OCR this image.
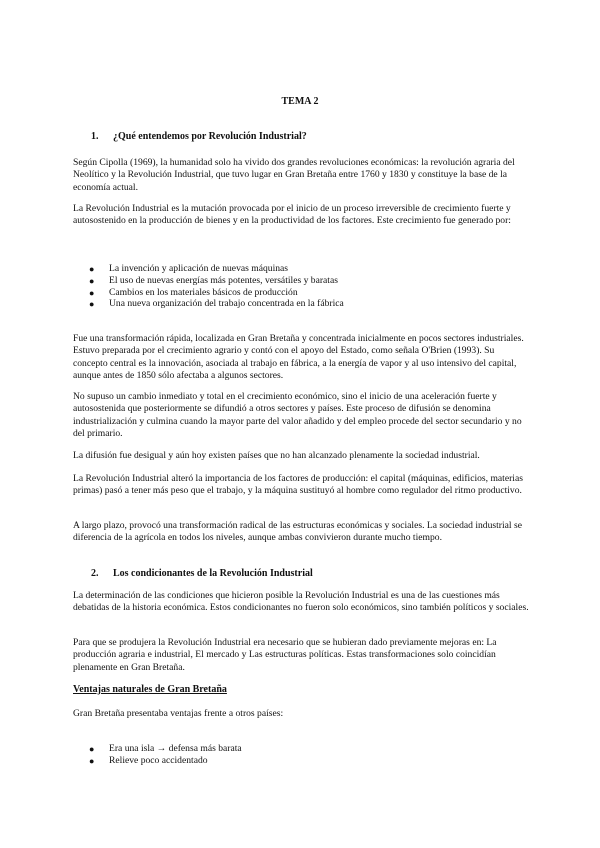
TEMA 2
1. ¿Qué entendemos por Revolución Industrial?

Según Cipolla (1969), la humanidad solo ha vivido dos grandes revoluciones económicas: la revolución agraria del Neolítico y la Revolución Industrial, que tuvo lugar en Gran Bretaña entre 1760 y 1830 y constituye la base de la economía actual.

La Revolución Industrial es la mutación provocada por el inicio de un proceso irreversible de crecimiento fuerte y autosostenido en la producción de bienes y en la productividad de los factores. Este crecimiento fue generado por:

● La invención y aplicación de nuevas máquinas
● El uso de nuevas energías más potentes, versátiles y baratas
● Cambios en los materiales básicos de producción
● Una nueva organización del trabajo concentrada en la fábrica

Fue una transformación rápida, localizada en Gran Bretaña y concentrada inicialmente en pocos sectores industriales. Estuvo preparada por el crecimiento agrario y contó con el apoyo del Estado, como señala O'Brien (1993). Su concepto central es la innovación, asociada al trabajo en fábrica, a la energía de vapor y al uso intensivo del capital, aunque antes de 1850 sólo afectaba a algunos sectores.

No supuso un cambio inmediato y total en el crecimiento económico, sino el inicio de una aceleración fuerte y autosostenida que posteriormente se difundió a otros sectores y países. Este proceso de difusión se denomina industrialización y culmina cuando la mayor parte del valor añadido y del empleo procede del sector secundario y no del primario.

La difusión fue desigual y aún hoy existen países que no han alcanzado plenamente la sociedad industrial.

La Revolución Industrial alteró la importancia de los factores de producción: el capital (máquinas, edificios, materias primas) pasó a tener más peso que el trabajo, y la máquina sustituyó al hombre como regulador del ritmo productivo.

A largo plazo, provocó una transformación radical de las estructuras económicas y sociales. La sociedad industrial se diferencia de la agrícola en todos los niveles, aunque ambas convivieron durante mucho tiempo.

2. Los condicionantes de la Revolución Industrial

La determinación de las condiciones que hicieron posible la Revolución Industrial es una de las cuestiones más debatidas de la historia económica. Estos condicionantes no fueron solo económicos, sino también políticos y sociales.

Para que se produjera la Revolución Industrial era necesario que se hubieran dado previamente mejoras en: La producción agraria e industrial, El mercado y Las estructuras políticas. Estas transformaciones solo coincidían plenamente en Gran Bretaña.

Ventajas naturales de Gran Bretaña

Gran Bretaña presentaba ventajas frente a otros países:

● Era una isla → defensa más barata
● Relieve poco accidentado
